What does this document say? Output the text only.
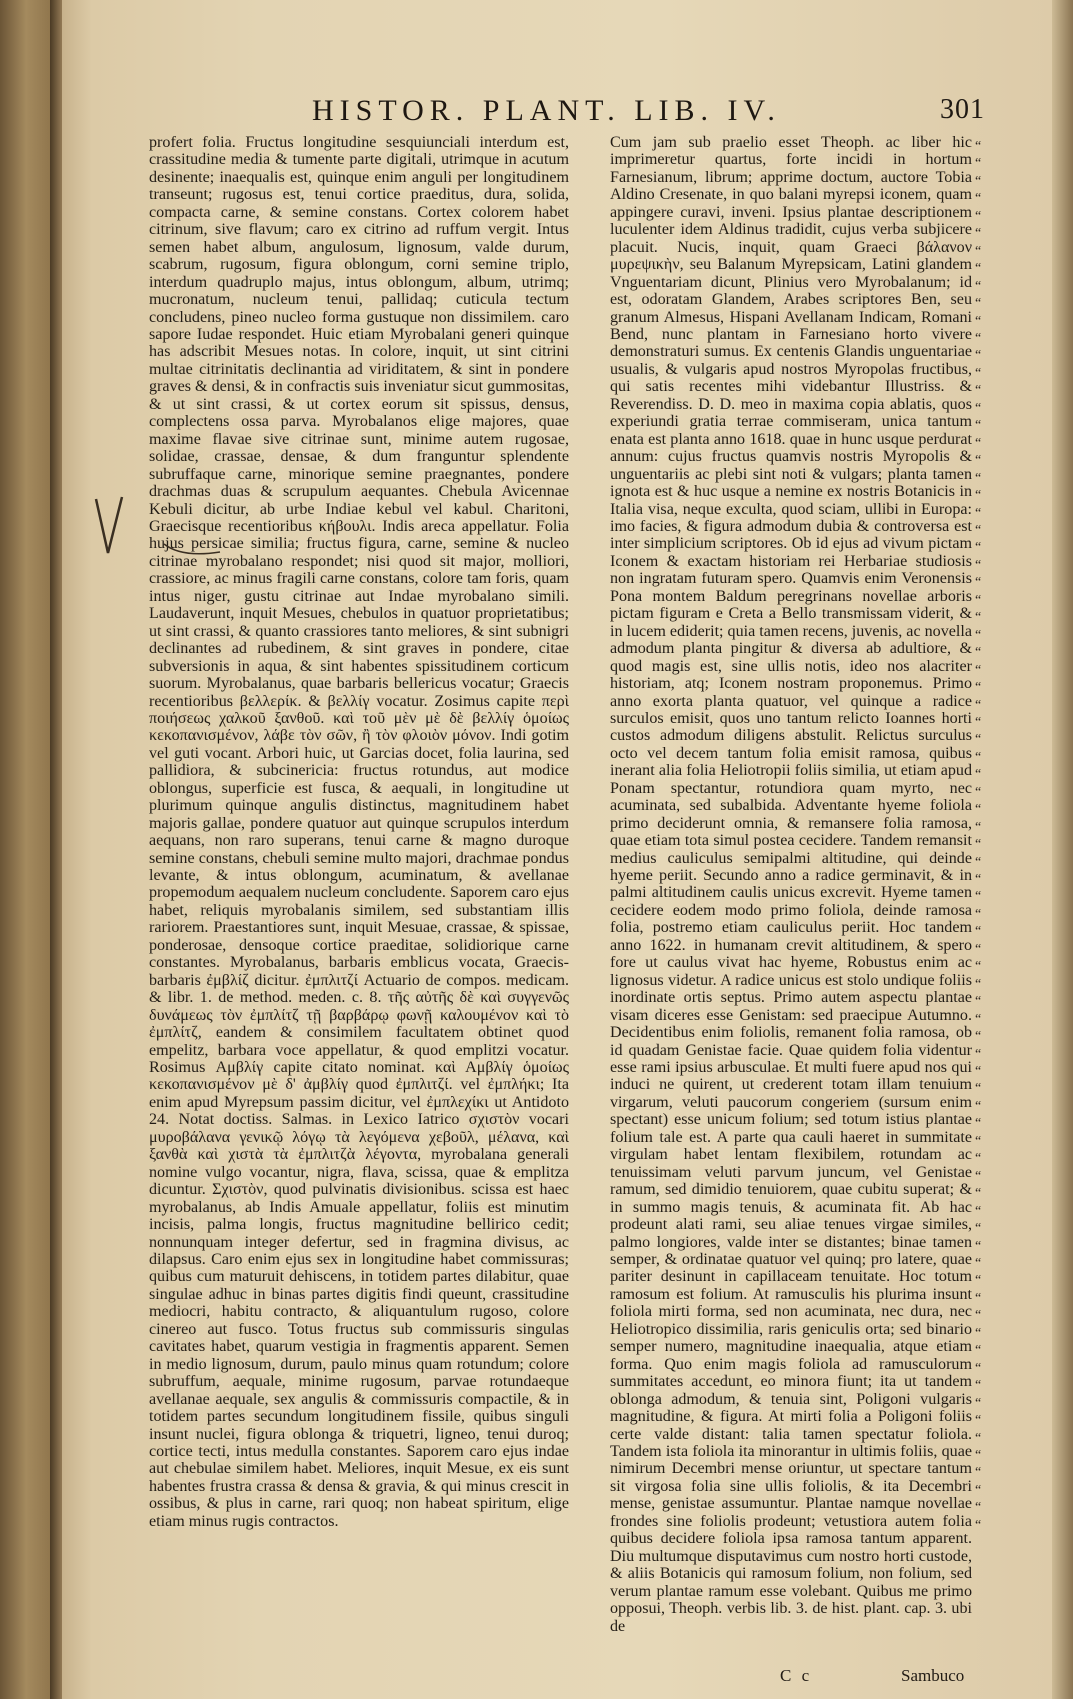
HISTOR. PLANT. LIB. IV.	301

profert folia. Fructus longitudine sesquiunciali interdum est, crassitudine media & tumente parte digitali, utrimque in acutum desinente; inaequalis est, quinque enim anguli per longitudinem transeunt; rugosus est, tenui cortice praeditus, dura, solida, compacta carne, & semine constans. Cortex colorem habet citrinum, sive flavum; caro ex citrino ad ruffum vergit. Intus semen habet album, angulosum, lignosum, valde durum, scabrum, rugosum, figura oblongum, corni semine triplo, interdum quadruplo majus, intus oblongum, album, utrimq; mucronatum, nucleum tenui, pallidaq; cuticula tectum concludens, pineo nucleo forma gustuque non dissimilem. caro sapore Iudae respondet. Huic etiam Myrobalani generi quinque has adscribit Mesues notas. In colore, inquit, ut sint citrini multae citrinitatis declinantia ad viriditatem, & sint in pondere graves & densi, & in confractis suis inveniatur sicut gummositas, & ut sint crassi, & ut cortex eorum sit spissus, densus, complectens ossa parva. Myrobalanos elige majores, quae maxime flavae sive citrinae sunt, minime autem rugosae, solidae, crassae, densae, & dum franguntur splendente subruffaque carne, minorique semine praegnantes, pondere drachmas duas & scrupulum aequantes. Chebula Avicennae Kebuli dicitur, ab urbe Indiae kebul vel kabul. Charitoni, Graecisque recentioribus κήβουλι. Indis areca appellatur. Folia hujus persicae similia; fructus figura, carne, semine & nucleo citrinae myrobalano respondet; nisi quod sit major, molliori, crassiore, ac minus fragili carne constans, colore tam foris, quam intus niger, gustu citrinae aut Indae myrobalano simili. Laudaverunt, inquit Mesues, chebulos in quatuor proprietatibus; ut sint crassi, & quanto crassiores tanto meliores, & sint subnigri declinantes ad rubedinem, & sint graves in pondere, citae subversionis in aqua, & sint habentes spissitudinem corticum suorum. Myrobalanus, quae barbaris bellericus vocatur; Graecis recentioribus βελλερίκ. & βελλίγ vocatur. Zosimus capite περὶ ποιήσεως χαλκοῦ ξανθοῦ. καὶ τοῦ μὲν μὲ δὲ βελλίγ ὁμοίως κεκοπανισμένον, λάβε τὸν σῶν, ἢ τὸν φλοιὸν μόνον. Indi gotim vel guti vocant. Arbori huic, ut Garcias docet, folia laurina, sed pallidiora, & subcinericia: fructus rotundus, aut modice oblongus, superficie est fusca, & aequali, in longitudine ut plurimum quinque angulis distinctus, magnitudinem habet majoris gallae, pondere quatuor aut quinque scrupulos interdum aequans, non raro superans, tenui carne & magno duroque semine constans, chebuli semine multo majori, drachmae pondus levante, & intus oblongum, acuminatum, & avellanae propemodum aequalem nucleum concludente. Saporem caro ejus habet, reliquis myrobalanis similem, sed substantiam illis rariorem. Praestantiores sunt, inquit Mesuae, crassae, & spissae, ponderosae, densoque cortice praeditae, solidiorique carne constantes. Myrobalanus, barbaris emblicus vocata, Graecis-barbaris ἐμβλίζ dicitur. ἐμπλιτζί Actuario de compos. medicam. & libr. 1. de method. meden. c. 8. τῆς αὐτῆς δὲ καὶ συγγενῶς δυνάμεως τὸν ἐμπλίτζ τῇ βαρβάρῳ φωνῇ καλουμένον καὶ τὸ ἐμπλίτζ, eandem & consimilem facultatem obtinet quod empelitz, barbara voce appellatur, & quod emplitzi vocatur. Rosimus Αμβλίγ capite citato nominat. καὶ Αμβλίγ ὁμοίως κεκοπανισμένον μὲ δ' ἀμβλίγ quod ἐμπλιτζί. vel ἐμπλήκι; Ita enim apud Myrepsum passim dicitur, vel ἐμπλεχίκι ut Antidoto 24. Notat doctiss. Salmas. in Lexico Iatrico σχιστὸν vocari μυροβάλανα γενικῷ λόγῳ τὰ λεγόμενα χεβοῦλ, μέλανα, καὶ ξανθὰ καὶ χιστὰ τὰ ἐμπλιτζὰ λέγοντα, myrobalana generali nomine vulgo vocantur, nigra, flava, scissa, quae & emplitza dicuntur. Σχιστὸν, quod pulvinatis divisionibus. scissa est haec myrobalanus, ab Indis Amuale appellatur, foliis est minutim incisis, palma longis, fructus magnitudine bellirico cedit; nonnunquam integer defertur, sed in fragmina divisus, ac dilapsus. Caro enim ejus sex in longitudine habet commissuras; quibus cum maturuit dehiscens, in totidem partes dilabitur, quae singulae adhuc in binas partes digitis findi queunt, crassitudine mediocri, habitu contracto, & aliquantulum rugoso, colore cinereo aut fusco. Totus fructus sub commissuris singulas cavitates habet, quarum vestigia in fragmentis apparent. Semen in medio lignosum, durum, paulo minus quam rotundum; colore subruffum, aequale, minime rugosum, parvae rotundaeque avellanae aequale, sex angulis & commissuris compactile, & in totidem partes secundum longitudinem fissile, quibus singuli insunt nuclei, figura oblonga & triquetri, ligneo, tenui duroq; cortice tecti, intus medulla constantes. Saporem caro ejus indae aut chebulae similem habet. Meliores, inquit Mesue, ex eis sunt habentes frustra crassa & densa & gravia, & qui minus crescit in ossibus, & plus in carne, rari quoq; non habeat spiritum, elige etiam minus rugis contractos.

Cum jam sub praelio esset Theoph. ac liber hic imprimeretur quartus, forte incidi in hortum Farnesianum, librum; apprime doctum, auctore Tobia Aldino Cresenate, in quo balani myrepsi iconem, quam appingere curavi, inveni. Ipsius plantae descriptionem luculenter idem Aldinus tradidit, cujus verba subjicere placuit. Nucis, inquit, quam Graeci βάλανον μυρεψικὴν, seu Balanum Myrepsicam, Latini glandem Vnguentariam dicunt, Plinius vero Myrobalanum; id est, odoratam Glandem, Arabes scriptores Ben, seu granum Almesus, Hispani Avellanam Indicam, Romani Bend, nunc plantam in Farnesiano horto vivere demonstraturi sumus. Ex centenis Glandis unguentariae usualis, & vulgaris apud nostros Myropolas fructibus, qui satis recentes mihi videbantur Illustriss. & Reverendiss. D. D. meo in maxima copia ablatis, quos experiundi gratia terrae commiseram, unica tantum enata est planta anno 1618. quae in hunc usque perdurat annum: cujus fructus quamvis nostris Myropolis & unguentariis ac plebi sint noti & vulgars; planta tamen ignota est & huc usque a nemine ex nostris Botanicis in Italia visa, neque exculta, quod sciam, ullibi in Europa: imo facies, & figura admodum dubia & controversa est inter simplicium scriptores. Ob id ejus ad vivum pictam Iconem & exactam historiam rei Herbariae studiosis non ingratam futuram spero. Quamvis enim Veronensis Pona montem Baldum peregrinans novellae arboris pictam figuram e Creta a Bello transmissam viderit, & in lucem ediderit; quia tamen recens, juvenis, ac novella admodum planta pingitur & diversa ab adultiore, & quod magis est, sine ullis notis, ideo nos alacriter historiam, atq; Iconem nostram proponemus. Primo anno exorta planta quatuor, vel quinque a radice surculos emisit, quos uno tantum relicto Ioannes horti custos admodum diligens abstulit. Relictus surculus octo vel decem tantum folia emisit ramosa, quibus inerant alia folia Heliotropii foliis similia, ut etiam apud Ponam spectantur, rotundiora quam myrto, nec acuminata, sed subalbida. Adventante hyeme foliola primo deciderunt omnia, & remansere folia ramosa, quae etiam tota simul postea cecidere. Tandem remansit medius cauliculus semipalmi altitudine, qui deinde hyeme periit. Secundo anno a radice germinavit, & in palmi altitudinem caulis unicus excrevit. Hyeme tamen cecidere eodem modo primo foliola, deinde ramosa folia, postremo etiam cauliculus periit. Hoc tandem anno 1622. in humanam crevit altitudinem, & spero fore ut caulus vivat hac hyeme, Robustus enim ac lignosus videtur. A radice unicus est stolo undique foliis inordinate ortis septus. Primo autem aspectu plantae visam diceres esse Genistam: sed praecipue Autumno. Decidentibus enim foliolis, remanent folia ramosa, ob id quadam Genistae facie. Quae quidem folia videntur esse rami ipsius arbusculae. Et multi fuere apud nos qui induci ne quirent, ut crederent totam illam tenuium virgarum, veluti paucorum congeriem (sursum enim spectant) esse unicum folium; sed totum istius plantae folium tale est. A parte qua cauli haeret in summitate virgulam habet lentam flexibilem, rotundam ac tenuissimam veluti parvum juncum, vel Genistae ramum, sed dimidio tenuiorem, quae cubitu superat; & in summo magis tenuis, & acuminata fit. Ab hac prodeunt alati rami, seu aliae tenues virgae similes, palmo longiores, valde inter se distantes; binae tamen semper, & ordinatae quatuor vel quinq; pro latere, quae pariter desinunt in capillaceam tenuitate. Hoc totum ramosum est folium. At ramusculis his plurima insunt foliola mirti forma, sed non acuminata, nec dura, nec Heliotropico dissimilia, raris geniculis orta; sed binario semper numero, magnitudine inaequalia, atque etiam forma. Quo enim magis foliola ad ramusculorum summitates accedunt, eo minora fiunt; ita ut tandem oblonga admodum, & tenuia sint, Poligoni vulgaris magnitudine, & figura. At mirti folia a Poligoni foliis certe valde distant: talia tamen spectatur foliola. Tandem ista foliola ita minorantur in ultimis foliis, quae nimirum Decembri mense oriuntur, ut spectare tantum sit virgosa folia sine ullis foliolis, & ita Decembri mense, genistae assumuntur. Plantae namque novellae frondes sine foliolis prodeunt; vetustiora autem folia quibus decidere foliola ipsa ramosa tantum apparent. Diu multumque disputavimus cum nostro horti custode, & aliis Botanicis qui ramosum folium, non folium, sed verum plantae ramum esse volebant. Quibus me primo opposui, Theoph. verbis lib. 3. de hist. plant. cap. 3. ubi de

“
“
“
“
“
“
“
“
“
“
“
“
“
“
“
“
“
“
“
“
“
“
“
“
“
“
“
“
“
“
“
“
“
“
“
“
“
“
“
“
“
“
“
“
“
“
“
“
“
“
“
“
“
“
“
“
“
“
“
“
“
“
“
“
“
“
“
“
“
“
“
“
“
“
“
“
“
“
“
“
C c	Sambuco
